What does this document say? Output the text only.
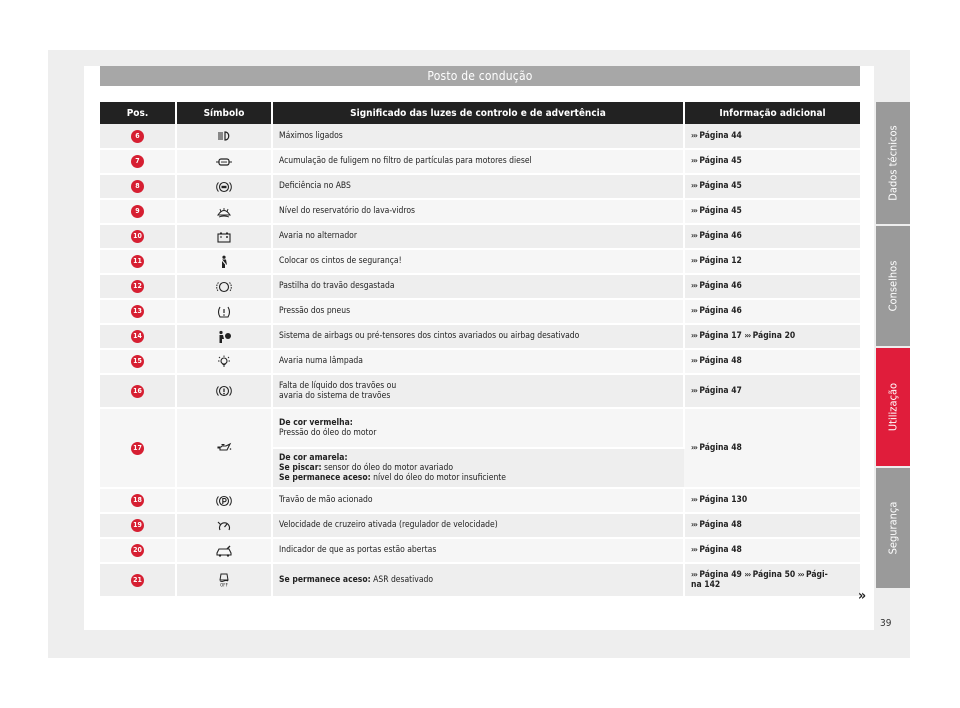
Posto de condução
Pos.	Símbolo	Significado das luzes de controlo e de advertência	Informação adicional
6		Máximos ligados	››› Página 44
7		Acumulação de fuligem no filtro de partículas para motores diesel	››› Página 45
8		Deficiência no ABS	››› Página 45
9		Nível do reservatório do lava-vidros	››› Página 45
10		Avaria no alternador	››› Página 46
11		Colocar os cintos de segurança!	››› Página 12
12		Pastilha do travão desgastada	››› Página 46
13		Pressão dos pneus	››› Página 46
14		Sistema de airbags ou pré-tensores dos cintos avariados ou airbag desativado	››› Página 17 ››› Página 20
15		Avaria numa lâmpada	››› Página 48
16		Falta de líquido dos travões ou
avaria do sistema de travões	››› Página 47
17		De cor vermelha:
Pressão do óleo do motor	››› Página 48
		De cor amarela:
Se piscar: sensor do óleo do motor avariado
Se permanece aceso: nível do óleo do motor insuficiente	
18		Travão de mão acionado	››› Página 130
19		Velocidade de cruzeiro ativada (regulador de velocidade)	››› Página 48
20		Indicador de que as portas estão abertas	››› Página 48
21	OFF	Se permanece aceso: ASR desativado	››› Página 49 ››› Página 50 ››› Pági-
na 142
Dados técnicos
Conselhos
Utilização
Segurança
»
39
